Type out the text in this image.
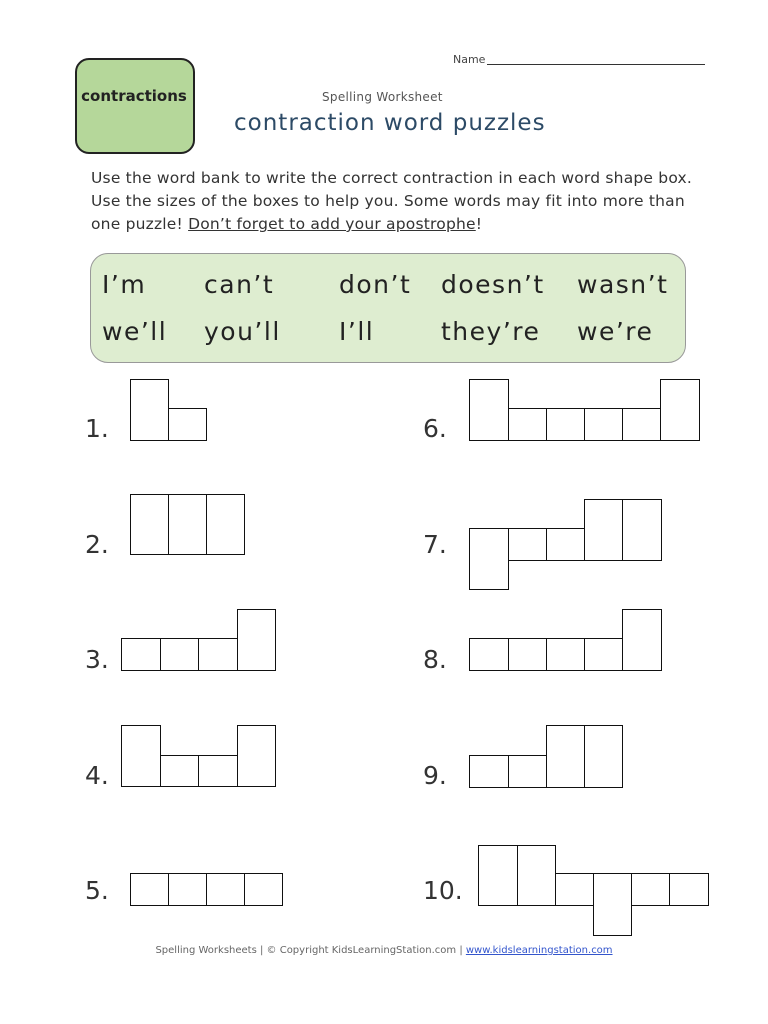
Name
contractions	Spelling Worksheet
contraction word puzzles
Use the word bank to write the correct contraction in each word shape box. Use the sizes of the boxes to help you. Some words may fit into more than one puzzle! Don’t forget to add your apostrophe!
I’m can’t	don’t doesn’t wasn’t
we’ll you’ll I’ll	they’re we’re
1.
2.
3.
4.
5.
6.
7.
8.
9.
10.
Spelling Worksheets | © Copyright KidsLearningStation.com | www.kidslearningstation.com
